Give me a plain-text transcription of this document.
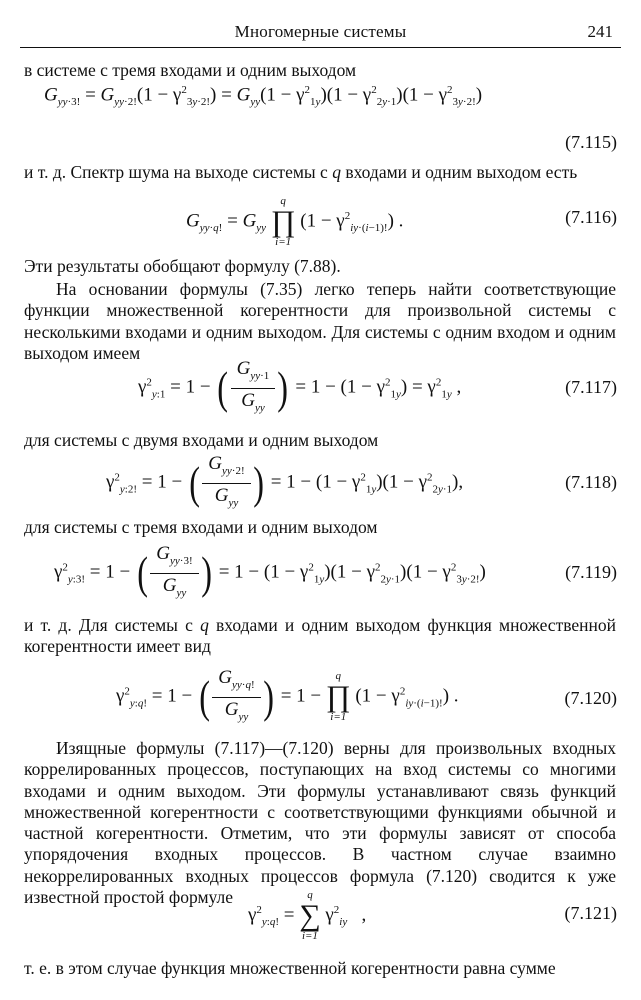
Многомерные системы	241
в системе с тремя входами и одним выходом
$G_{yy\cdot 3!} = G_{yy\cdot 2!}(1 - \gamma^2_{3y\cdot 2!}) = G_{yy}(1 - \gamma^2_{1y})(1 - \gamma^2_{2y\cdot 1})(1 - \gamma^2_{3y\cdot 2!})$
(7.115)
и т. д. Спектр шума на выходе системы с q входами и одним выходом есть
$G_{yy\cdot q!} = G_{yy}$
q
∏
i=1
$(1 - \gamma^2_{iy\cdot(i-1)!})$ .	(7.116)
Эти результаты обобщают формулу (7.88).
На основании формулы (7.35) легко теперь найти соответствующие функции множественной когерентности для произвольной системы с несколькими входами и одним выходом. Для системы с одним входом и одним выходом имеем
$\gamma^2_{y:1} = 1$ − ( $\frac{G_{yy\cdot 1}}{G_{yy}}$ ) = $1 - (1 - \gamma^2_{1y}) = \gamma^2_{1y}$ ,	(7.117)
для системы с двумя входами и одним выходом
$\gamma^2_{y:2!} = 1$ − ( $\frac{G_{yy\cdot 2!}}{G_{yy}}$ ) = $1 - (1 - \gamma^2_{1y})(1 - \gamma^2_{2y\cdot 1})$,	(7.118)
для системы с тремя входами и одним выходом
$\gamma^2_{y:3!} = 1$ − ( $\frac{G_{yy\cdot 3!}}{G_{yy}}$ ) = $1 - (1 - \gamma^2_{1y})(1 - \gamma^2_{2y\cdot 1})(1 - \gamma^2_{3y\cdot 2!})$	(7.119)
и т. д. Для системы с q входами и одним выходом функция множественной когерентности имеет вид
$\gamma^2_{y:q!} = 1$ − ( $\frac{G_{yy\cdot q!}}{G_{yy}}$ ) = 1 −
q
∏
i=1
$(1 - \gamma^2_{iy\cdot(i-1)!})$ .	(7.120)
Изящные формулы (7.117)—(7.120) верны для произвольных входных коррелированных процессов, поступающих на вход системы со многими входами и одним выходом. Эти формулы устанавливают связь функций множественной когерентности с соответствующими функциями обычной и частной когерентности. Отметим, что эти формулы зависят от способа упорядочения входных процессов. В частном случае взаимно некоррелированных входных процессов формула (7.120) сводится к уже известной простой формуле
$\gamma^2_{y:q!}$ =
q
∑
i=1
$\gamma^2_{iy}$   ,	(7.121)
т. е. в этом случае функция множественной когерентности равна сумме
